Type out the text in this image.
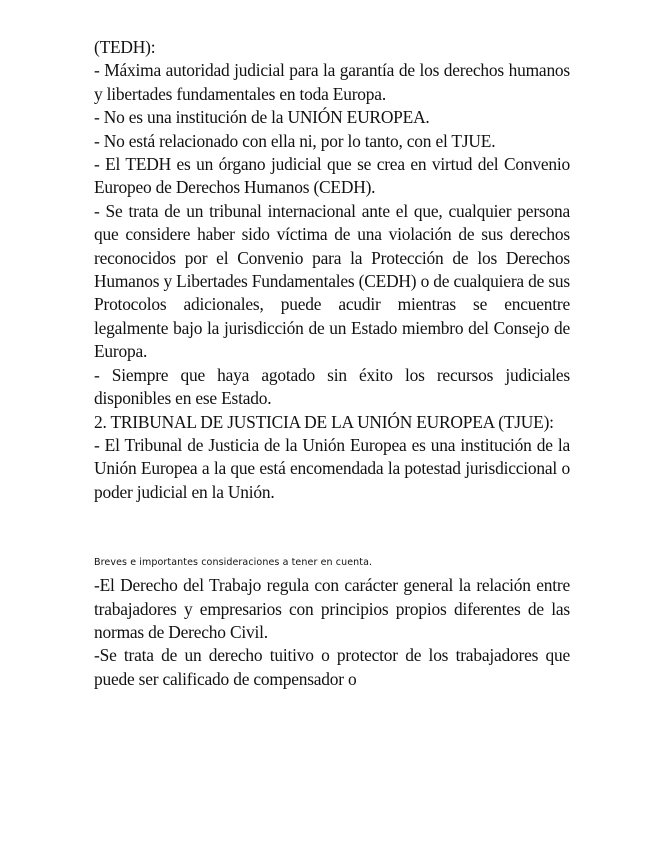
(TEDH):

- Máxima autoridad judicial para la garantía de los derechos humanos y libertades fundamentales en toda Europa.

- No es una institución de la UNIÓN EUROPEA.

- No está relacionado con ella ni, por lo tanto, con el TJUE.

- El TEDH es un órgano judicial que se crea en virtud del Convenio Europeo de Derechos Humanos (CEDH).

- Se trata de un tribunal internacional ante el que, cualquier persona que considere haber sido víctima de una violación de sus derechos reconocidos por el Convenio para la Protección de los Derechos Humanos y Libertades Fundamentales (CEDH) o de cualquiera de sus Protocolos adicionales, puede acudir mientras se encuentre legalmente bajo la jurisdicción de un Estado miembro del Consejo de Europa.

- Siempre que haya agotado sin éxito los recursos judiciales disponibles en ese Estado.

2. TRIBUNAL DE JUSTICIA DE LA UNIÓN EUROPEA (TJUE):

- El Tribunal de Justicia de la Unión Europea es una institución de la Unión Europea a la que está encomendada la potestad jurisdiccional o poder judicial en la Unión.

Breves e importantes consideraciones a tener en cuenta.

-El Derecho del Trabajo regula con carácter general la relación entre trabajadores y empresarios con principios propios diferentes de las normas de Derecho Civil.

-Se trata de un derecho tuitivo o protector de los trabajadores que puede ser calificado de compensador o
